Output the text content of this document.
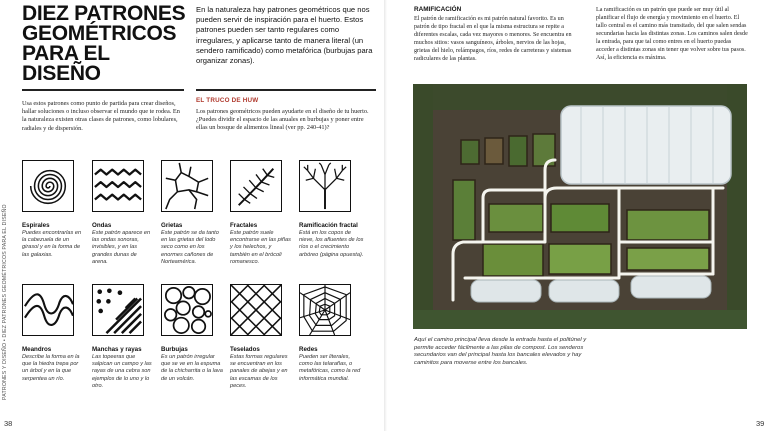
DIEZ PATRONES GEOMÉTRICOS PARA EL DISEÑO
En la naturaleza hay patrones geométricos que nos pueden servir de inspiración para el huerto. Estos patrones pueden ser tanto regulares como irregulares, y aplicarse tanto de manera literal (un sendero ramificado) como metafórica (burbujas para organizar zonas).
Usa estos patrones como punto de partida para crear diseños, hallar soluciones o incluso observar el mundo que te rodea. En la naturaleza existen otras clases de patrones, como lobulares, radiales y de dispersión.
EL TRUCO DE HUW
Los patrones geométricos pueden ayudarte en el diseño de tu huerto. ¿Puedes dividir el espacio de las anuales en burbujas y poner entre ellas un bosque de alimentos lineal (ver pp. 240-41)?
Espirales
Puedes encontrarlas en la cabezuela de un girasol y en la forma de las galaxias.
Ondas
Este patrón aparece en las ondas sonoras, invisibles, y en las grandes dunas de arena.
Grietas
Este patrón se da tanto en las grietas del lodo seco como en los enormes cañones de Norteamérica.
Fractales
Este patrón suele encontrarse en las piñas y los helechos, y también en el brócoli romanesco.
Ramificación fractal
Está en los copos de nieve, los afluentes de los ríos o el crecimiento arbóreo (página opuesta).
Meandros
Describe la forma en la que la hiedra trepa por un árbol y en la que serpentea un río.
Manchas y rayas
Las topeeras que salpican un campo y las rayas de una cebra son ejemplos de lo uno y lo otro.
Burbujas
Es un patrón irregular que se ve en la espuma de la chicharrita o la lava de un volcán.
Teselados
Estas formas regulares se encuentran en los panales de abejas y en las escamas de los peces.
Redes
Pueden ser literales, como las telarañas, o metafóricas, como la red informática mundial.
PATRONES Y DISEÑO • DIEZ PATRONES GEOMÉTRICOS PARA EL DISEÑO
38
RAMIFICACIÓN
El patrón de ramificación es mi patrón natural favorito. Es un patrón de tipo fractal en el que la misma estructura se repite a diferentes escalas, cada vez mayores o menores. Se encuentra en muchos sitios: vasos sanguíneos, árboles, nervios de las hojas, grietas del hielo, relámpagos, ríos, redes de carreteras y sistemas radiculares de las plantas.
La ramificación es un patrón que puede ser muy útil al planificar el flujo de energía y movimiento en el huerto. El tallo central es el camino más transitado, del que salen sendas secundarias hacia las distintas zonas. Los caminos salen desde la entrada, para que tal como entres en el huerto puedas acceder a distintas zonas sin tener que volver sobre tus pasos. Así, la eficiencia es máxima.
Aquí el camino principal lleva desde la entrada hasta el politúnel y permite acceder fácilmente a las pilas de compost. Los senderos secundarios van del principal hasta los bancales elevados y hay caminitos para moverse entre los bancales.
39
